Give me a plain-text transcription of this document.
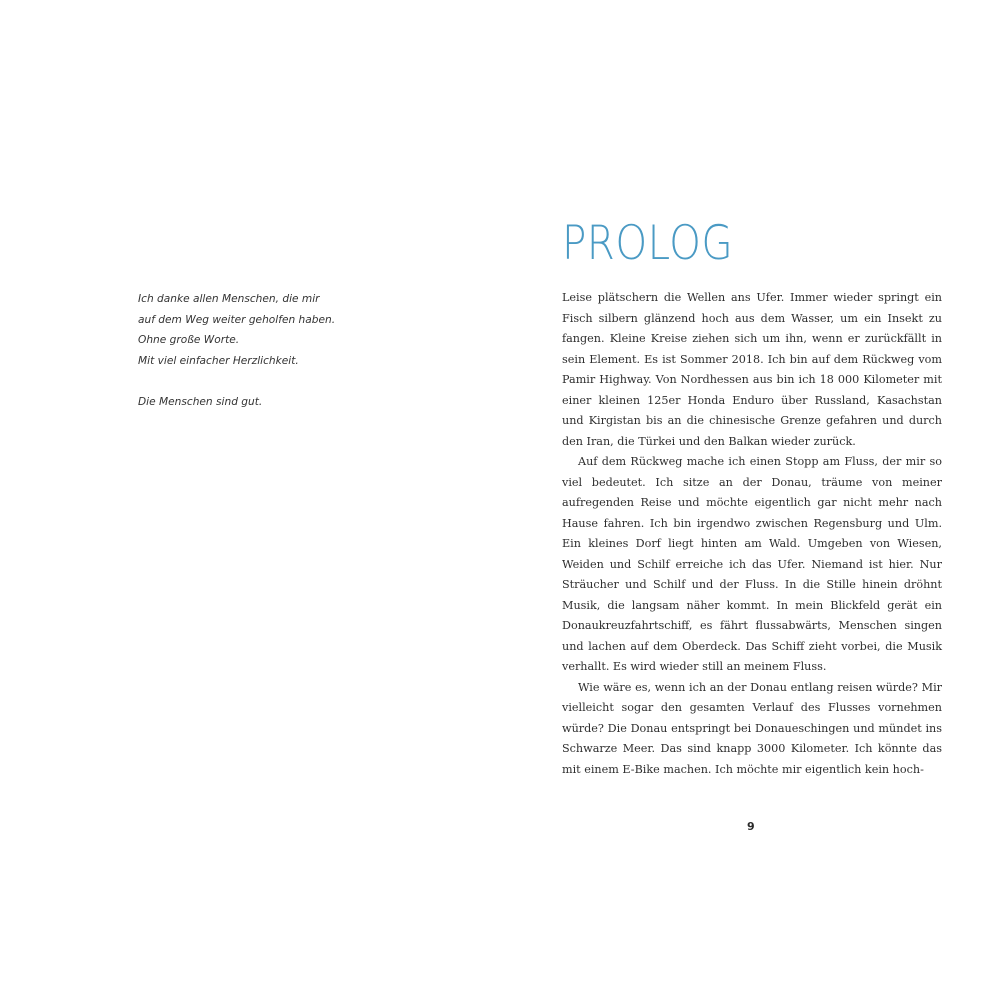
Ich danke allen Menschen, die mir
auf dem Weg weiter geholfen haben.
Ohne große Worte.
Mit viel einfacher Herzlichkeit.
Die Menschen sind gut.
PROLOG

Leise plätschern die Wellen ans Ufer. Immer wieder springt ein Fisch silbern glänzend hoch aus dem Wasser, um ein Insekt zu fangen. Kleine Kreise ziehen sich um ihn, wenn er zurückfällt in sein Element. Es ist Sommer 2018. Ich bin auf dem Rückweg vom Pamir Highway. Von Nordhessen aus bin ich 18 000 Kilometer mit einer kleinen 125er Honda Enduro über Russland, Kasachstan und Kirgistan bis an die chinesische Grenze gefahren und durch den Iran, die Türkei und den Balkan wieder zurück.

Auf dem Rückweg mache ich einen Stopp am Fluss, der mir so viel bedeutet. Ich sitze an der Donau, träume von meiner aufregenden Reise und möchte eigentlich gar nicht mehr nach Hause fahren. Ich bin irgendwo zwischen Regensburg und Ulm. Ein kleines Dorf liegt hinten am Wald. Umgeben von Wiesen, Weiden und Schilf erreiche ich das Ufer. Niemand ist hier. Nur Sträucher und Schilf und der Fluss. In die Stille hinein dröhnt Musik, die langsam näher kommt. In mein Blickfeld gerät ein Donaukreuzfahrtschiff, es fährt flussabwärts, Menschen singen und lachen auf dem Oberdeck. Das Schiff zieht vorbei, die Musik verhallt. Es wird wieder still an meinem Fluss.

Wie wäre es, wenn ich an der Donau entlang reisen würde? Mir vielleicht sogar den gesamten Verlauf des Flusses vornehmen würde? Die Donau entspringt bei Donaueschingen und mündet ins Schwarze Meer. Das sind knapp 3000 Kilometer. Ich könnte das mit einem E-Bike machen. Ich möchte mir eigentlich kein hoch-

9
